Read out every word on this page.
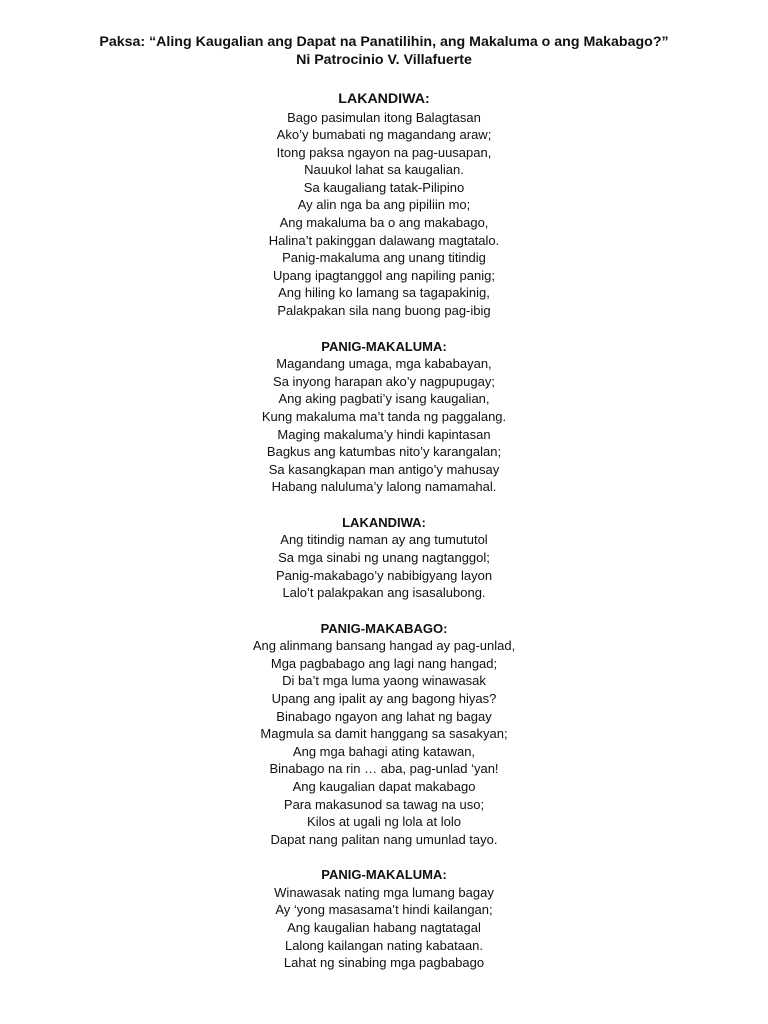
Paksa: “Aling Kaugalian ang Dapat na Panatilihin, ang Makaluma o ang Makabago?”

Ni Patrocinio V. Villafuerte

LAKANDIWA:

Bago pasimulan itong Balagtasan

Ako’y bumabati ng magandang araw;

Itong paksa ngayon na pag-uusapan,

Nauukol lahat sa kaugalian.

Sa kaugaliang tatak-Pilipino

Ay alin nga ba ang pipiliin mo;

Ang makaluma ba o ang makabago,

Halina’t pakinggan dalawang magtatalo.

Panig-makaluma ang unang titindig

Upang ipagtanggol ang napiling panig;

Ang hiling ko lamang sa tagapakinig,

Palakpakan sila nang buong pag-ibig

PANIG-MAKALUMA:

Magandang umaga, mga kababayan,

Sa inyong harapan ako’y nagpupugay;

Ang aking pagbati’y isang kaugalian,

Kung makaluma ma’t tanda ng paggalang.

Maging makaluma’y hindi kapintasan

Bagkus ang katumbas nito’y karangalan;

Sa kasangkapan man antigo’y mahusay

Habang naluluma’y lalong namamahal.

LAKANDIWA:

Ang titindig naman ay ang tumututol

Sa mga sinabi ng unang nagtanggol;

Panig-makabago’y nabibigyang layon

Lalo’t palakpakan ang isasalubong.

PANIG-MAKABAGO:

Ang alinmang bansang hangad ay pag-unlad,

Mga pagbabago ang lagi nang hangad;

Di ba’t mga luma yaong winawasak

Upang ang ipalit ay ang bagong hiyas?

Binabago ngayon ang lahat ng bagay

Magmula sa damit hanggang sa sasakyan;

Ang mga bahagi ating katawan,

Binabago na rin … aba, pag-unlad ‘yan!

Ang kaugalian dapat makabago

Para makasunod sa tawag na uso;

Kilos at ugali ng lola at lolo

Dapat nang palitan nang umunlad tayo.

PANIG-MAKALUMA:

Winawasak nating mga lumang bagay

Ay ‘yong masasama’t hindi kailangan;

Ang kaugalian habang nagtatagal

Lalong kailangan nating kabataan.

Lahat ng sinabing mga pagbabago
